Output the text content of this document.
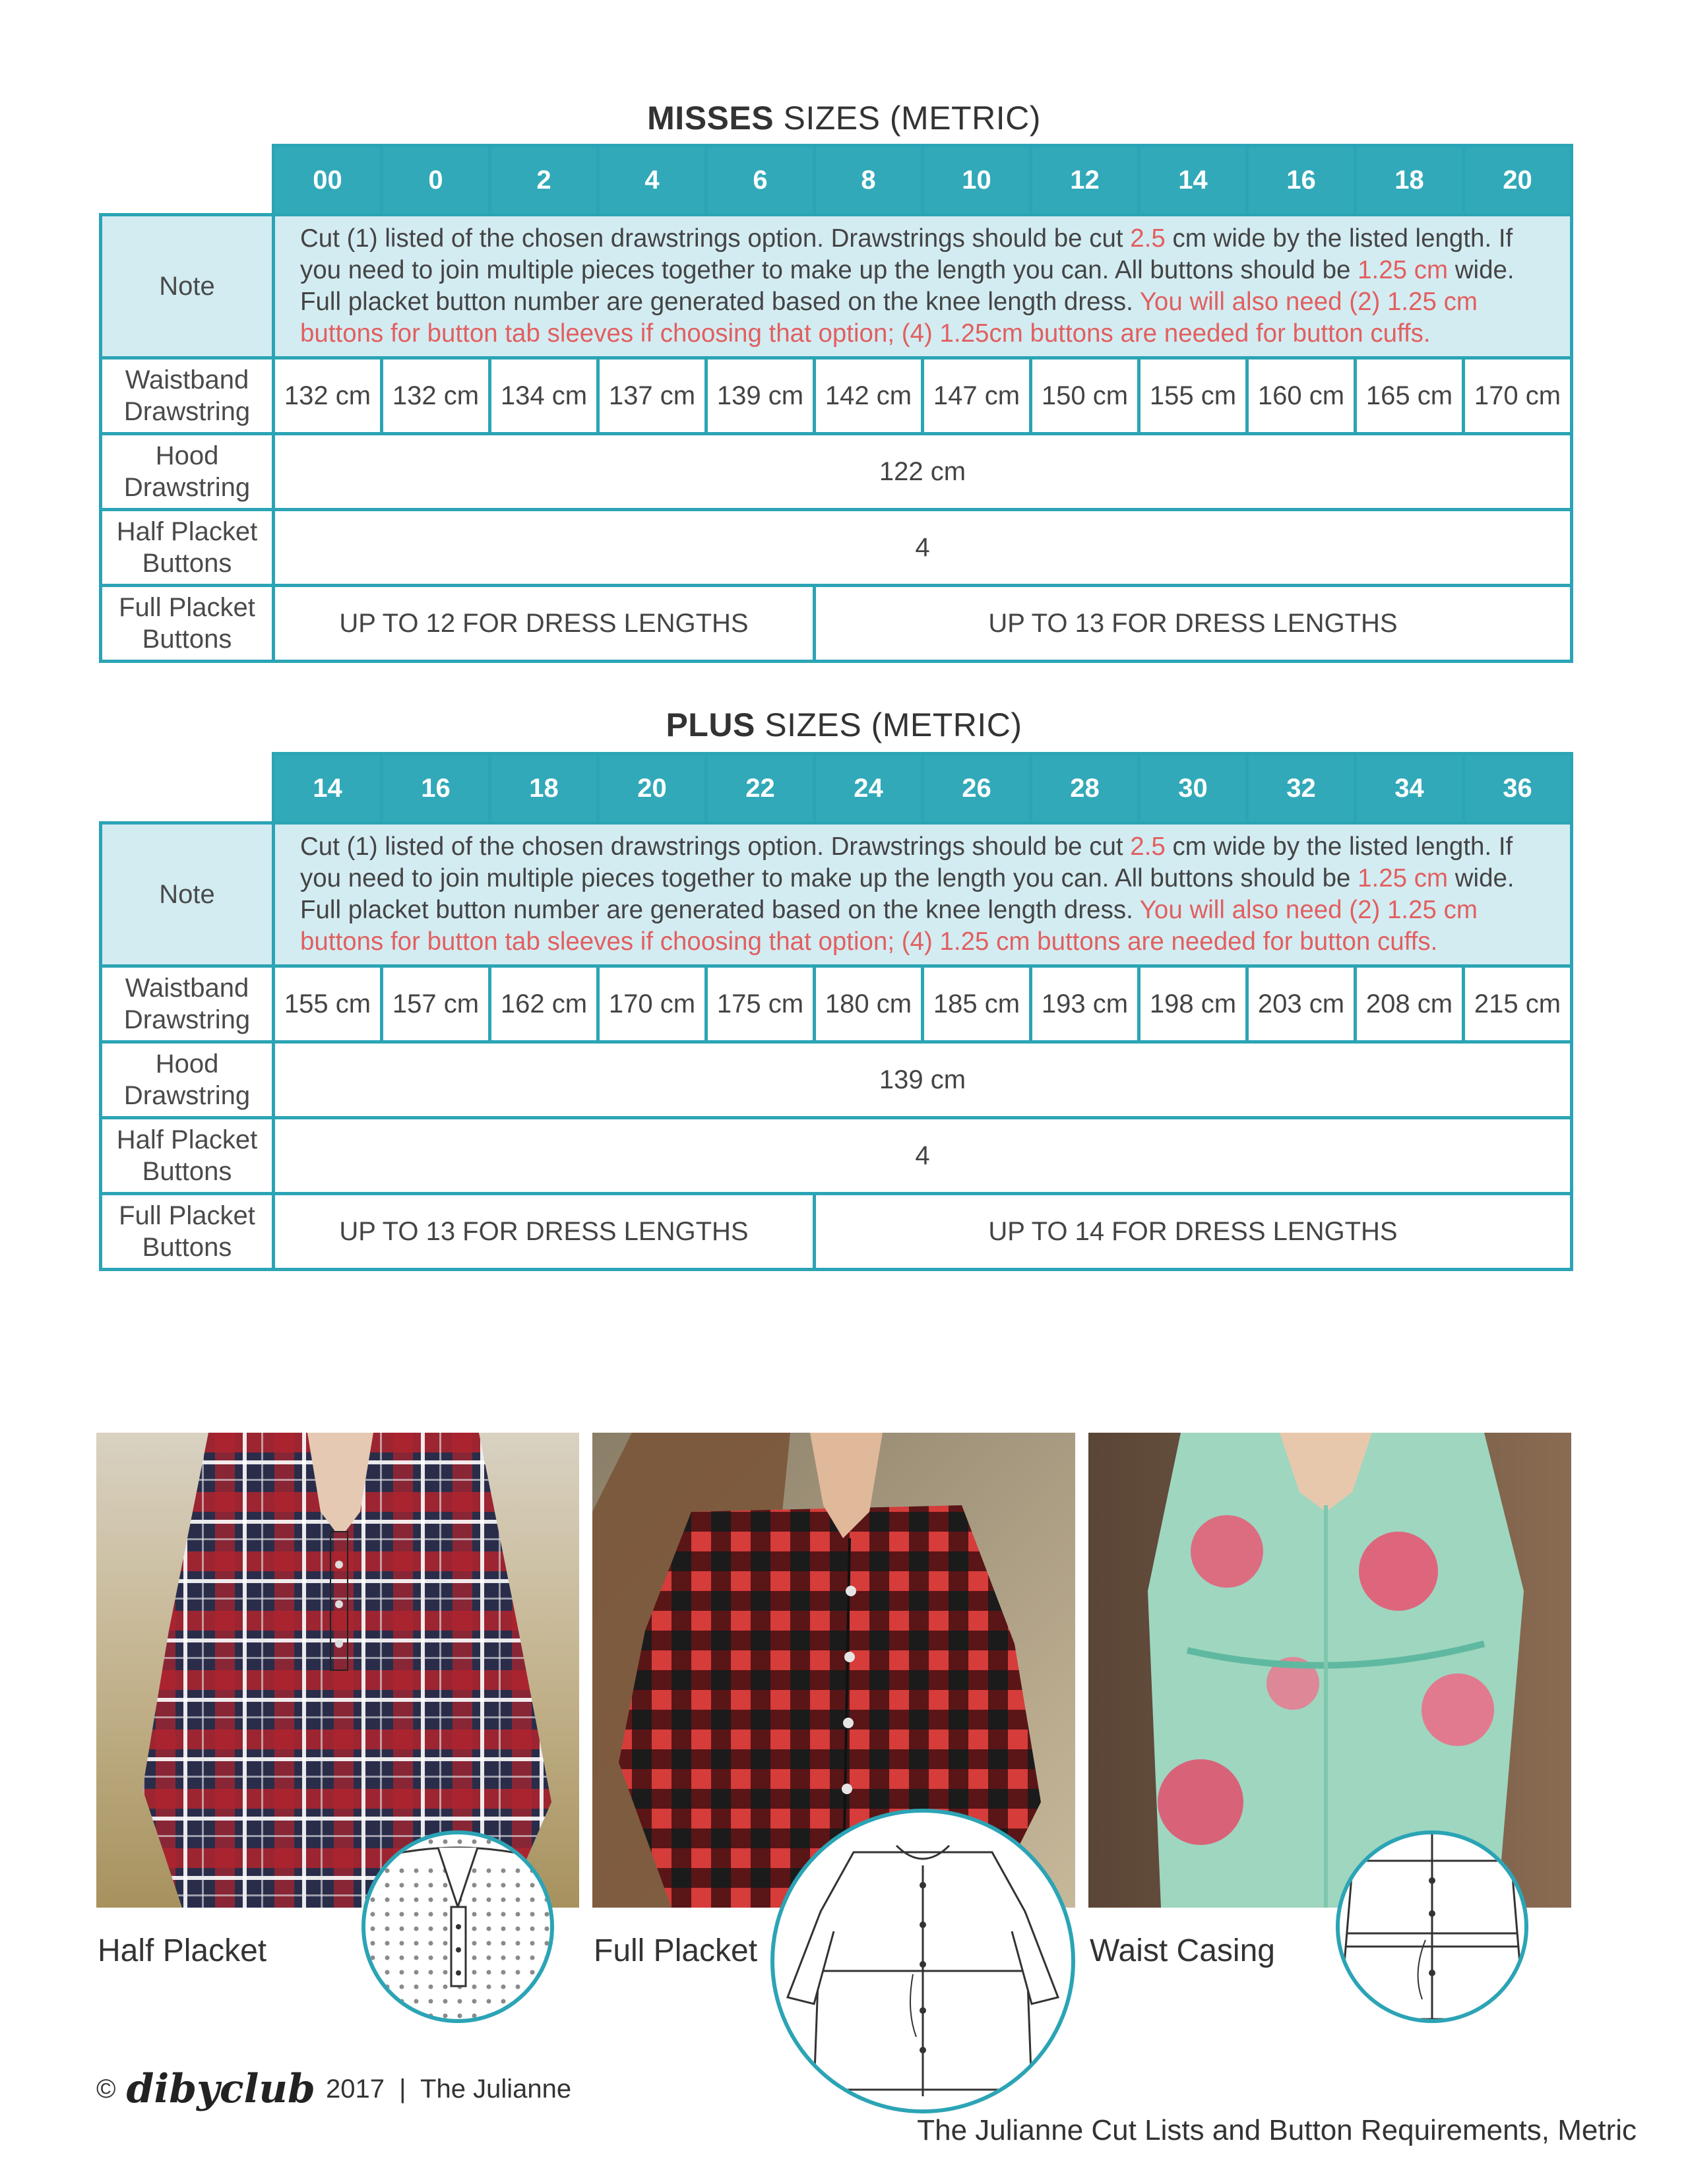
MISSES SIZES (METRIC)
	00	0	2	4	6	8	10	12	14	16	18	20
Note	Cut (1) listed of the chosen drawstrings option. Drawstrings should be cut 2.5 cm wide by the listed length. If you need to join multiple pieces together to make up the length you can. All buttons should be 1.25 cm wide. Full placket button number are generated based on the knee length dress. You will also need (2) 1.25 cm buttons for button tab sleeves if choosing that option; (4) 1.25cm buttons are needed for button cuffs.											
Waistband Drawstring	132 cm	132 cm	134 cm	137 cm	139 cm	142 cm	147 cm	150 cm	155 cm	160 cm	165 cm	170 cm
Hood Drawstring	122 cm											
Half Placket Buttons	4											
Full Placket Buttons	UP TO 12 FOR DRESS LENGTHS					UP TO 13 FOR DRESS LENGTHS						
PLUS SIZES (METRIC)
	14	16	18	20	22	24	26	28	30	32	34	36
Note	Cut (1) listed of the chosen drawstrings option. Drawstrings should be cut 2.5 cm wide by the listed length. If you need to join multiple pieces together to make up the length you can. All buttons should be 1.25 cm wide. Full placket button number are generated based on the knee length dress. You will also need (2) 1.25 cm buttons for button tab sleeves if choosing that option; (4) 1.25 cm buttons are needed for button cuffs.											
Waistband Drawstring	155 cm	157 cm	162 cm	170 cm	175 cm	180 cm	185 cm	193 cm	198 cm	203 cm	208 cm	215 cm
Hood Drawstring	139 cm											
Half Placket Buttons	4											
Full Placket Buttons	UP TO 13 FOR DRESS LENGTHS					UP TO 14 FOR DRESS LENGTHS						
Half Placket	Full Placket	Waist Casing
© dibyclub 2017  |  The Julianne
The Julianne Cut Lists and Button Requirements, Metric
